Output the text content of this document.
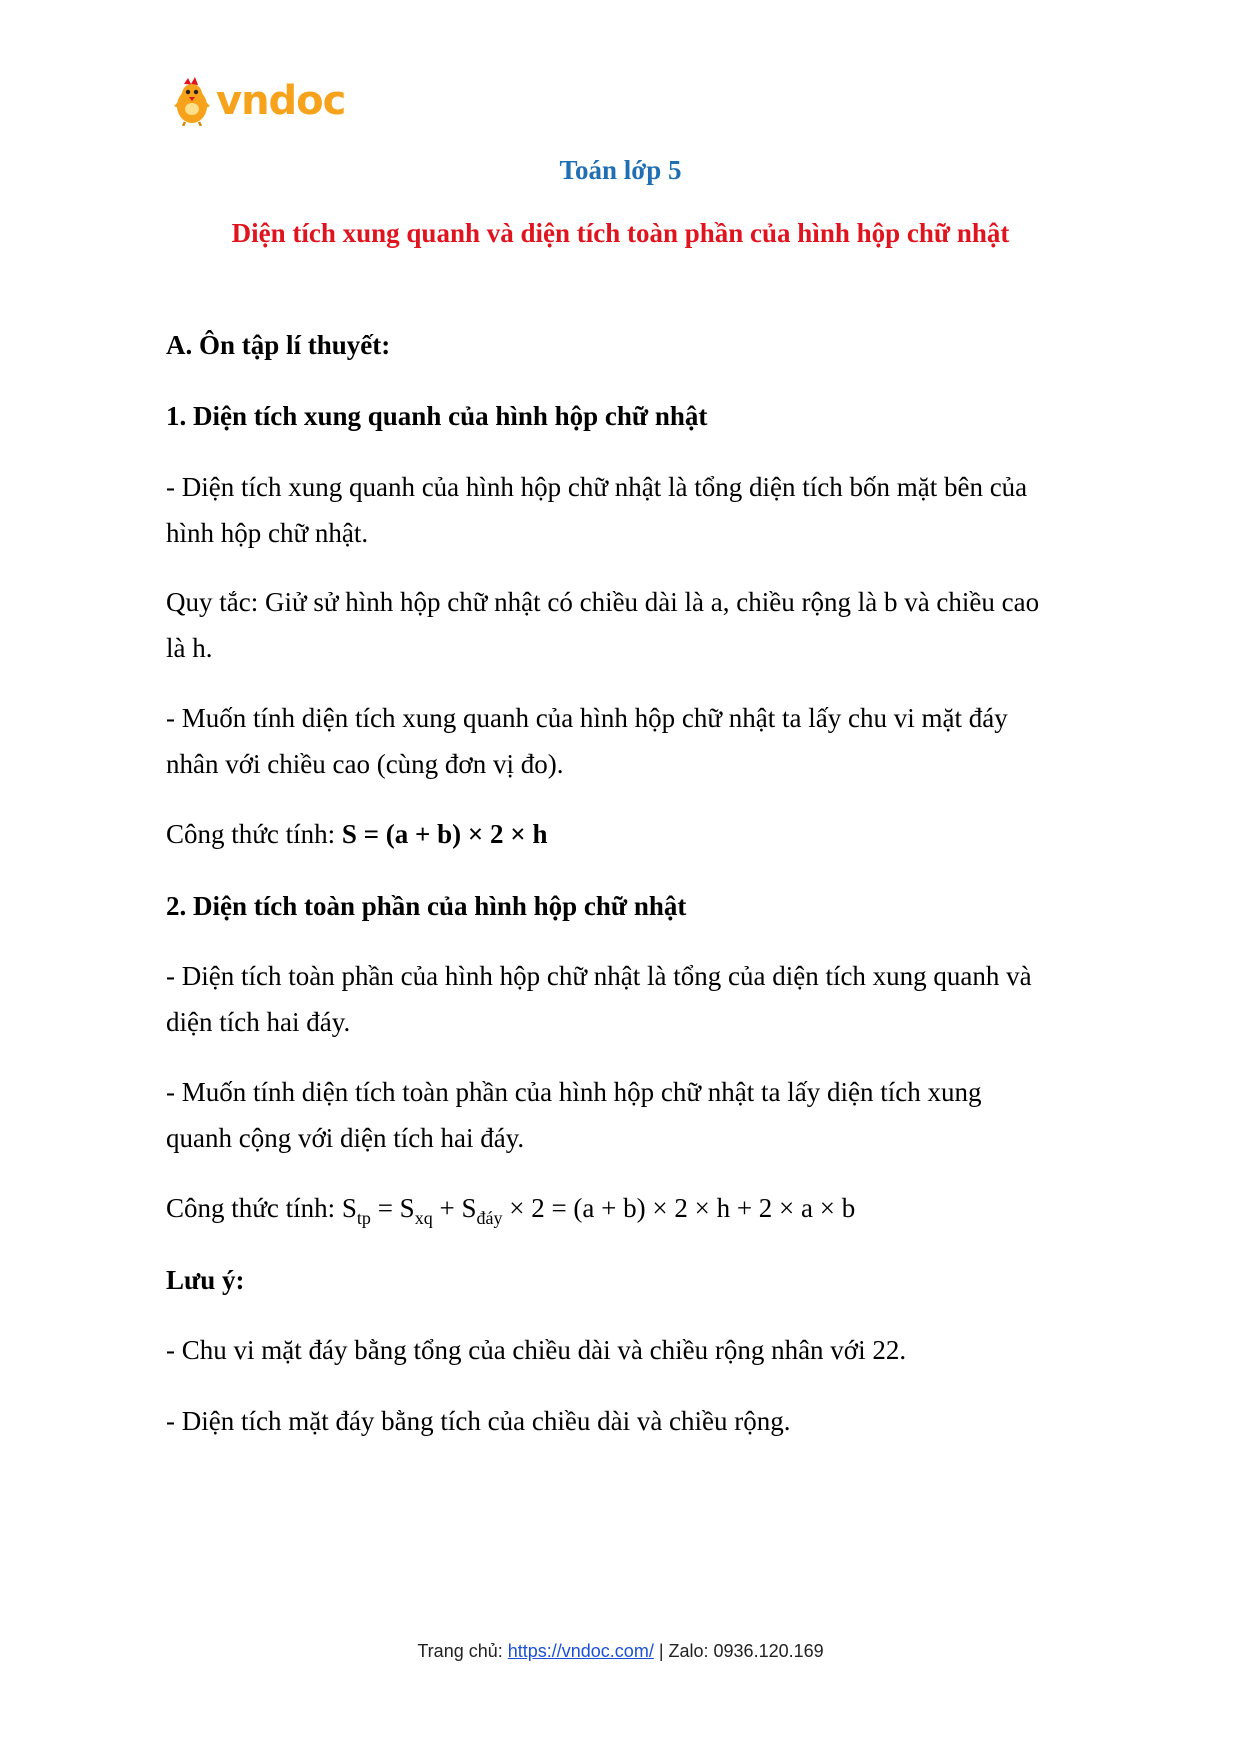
vndoc
Toán lớp 5
Diện tích xung quanh và diện tích toàn phần của hình hộp chữ nhật

A. Ôn tập lí thuyết:

1. Diện tích xung quanh của hình hộp chữ nhật

- Diện tích xung quanh của hình hộp chữ nhật là tổng diện tích bốn mặt bên của

hình hộp chữ nhật.

Quy tắc: Giử sử hình hộp chữ nhật có chiều dài là a, chiều rộng là b và chiều cao

là h.

- Muốn tính diện tích xung quanh của hình hộp chữ nhật ta lấy chu vi mặt đáy

nhân với chiều cao (cùng đơn vị đo).

Công thức tính: S = (a + b) × 2 × h

2. Diện tích toàn phần của hình hộp chữ nhật

- Diện tích toàn phần của hình hộp chữ nhật là tổng của diện tích xung quanh và

diện tích hai đáy.

- Muốn tính diện tích toàn phần của hình hộp chữ nhật ta lấy diện tích xung

quanh cộng với diện tích hai đáy.

Công thức tính: $S_{tp} = S_{xq} + S_{đáy} \times 2 = (a + b) \times 2 \times h + 2 \times a \times b$

Lưu ý:

- Chu vi mặt đáy bằng tổng của chiều dài và chiều rộng nhân với 22.

- Diện tích mặt đáy bằng tích của chiều dài và chiều rộng.

Trang chủ: https://vndoc.com/ | Zalo: 0936.120.169
